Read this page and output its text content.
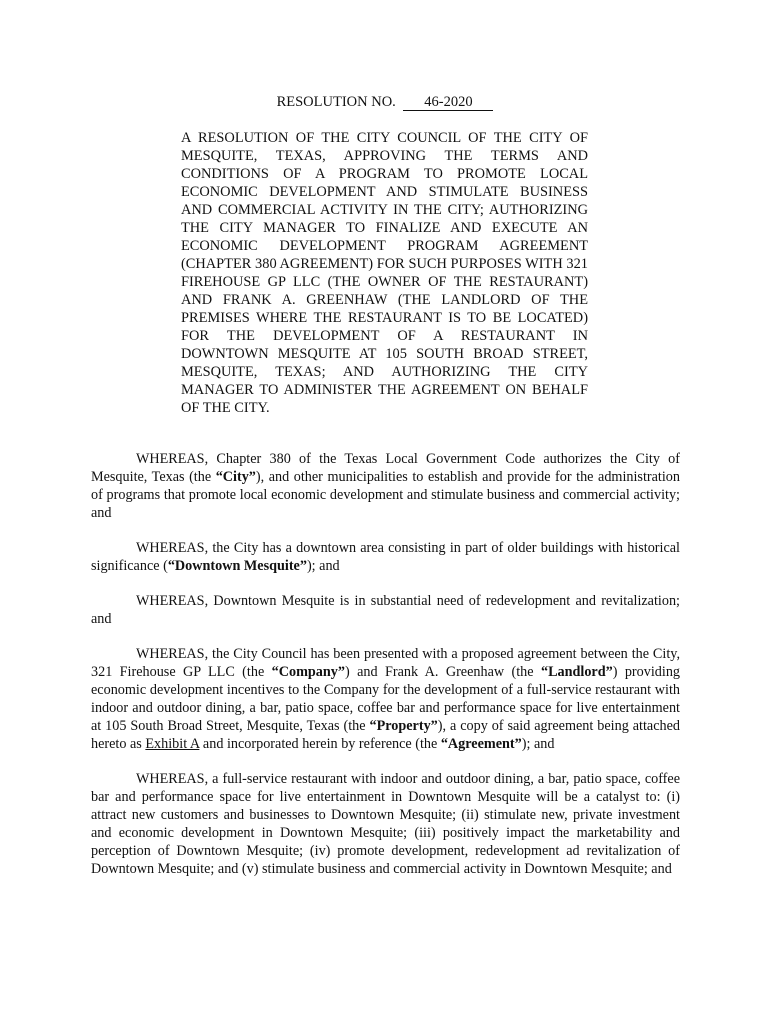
RESOLUTION NO. 46-2020
A RESOLUTION OF THE CITY COUNCIL OF THE CITY OF MESQUITE, TEXAS, APPROVING THE TERMS AND CONDITIONS OF A PROGRAM TO PROMOTE LOCAL ECONOMIC DEVELOPMENT AND STIMULATE BUSINESS AND COMMERCIAL ACTIVITY IN THE CITY; AUTHORIZING THE CITY MANAGER TO FINALIZE AND EXECUTE AN ECONOMIC DEVELOPMENT PROGRAM AGREEMENT (CHAPTER 380 AGREEMENT) FOR SUCH PURPOSES WITH 321 FIREHOUSE GP LLC (THE OWNER OF THE RESTAURANT) AND FRANK A. GREENHAW (THE LANDLORD OF THE PREMISES WHERE THE RESTAURANT IS TO BE LOCATED) FOR THE DEVELOPMENT OF A RESTAURANT IN DOWNTOWN MESQUITE AT 105 SOUTH BROAD STREET, MESQUITE, TEXAS; AND AUTHORIZING THE CITY MANAGER TO ADMINISTER THE AGREEMENT ON BEHALF OF THE CITY.

WHEREAS, Chapter 380 of the Texas Local Government Code authorizes the City of Mesquite, Texas (the “City”), and other municipalities to establish and provide for the administration of programs that promote local economic development and stimulate business and commercial activity; and

WHEREAS, the City has a downtown area consisting in part of older buildings with historical significance (“Downtown Mesquite”); and

WHEREAS, Downtown Mesquite is in substantial need of redevelopment and revitalization; and

WHEREAS, the City Council has been presented with a proposed agreement between the City, 321 Firehouse GP LLC (the “Company”) and Frank A. Greenhaw (the “Landlord”) providing economic development incentives to the Company for the development of a full-service restaurant with indoor and outdoor dining, a bar, patio space, coffee bar and performance space for live entertainment at 105 South Broad Street, Mesquite, Texas (the “Property”), a copy of said agreement being attached hereto as Exhibit A and incorporated herein by reference (the “Agreement”); and

WHEREAS, a full-service restaurant with indoor and outdoor dining, a bar, patio space, coffee bar and performance space for live entertainment in Downtown Mesquite will be a catalyst to: (i) attract new customers and businesses to Downtown Mesquite; (ii) stimulate new, private investment and economic development in Downtown Mesquite; (iii) positively impact the marketability and perception of Downtown Mesquite; (iv) promote development, redevelopment ad revitalization of Downtown Mesquite; and (v) stimulate business and commercial activity in Downtown Mesquite; and
